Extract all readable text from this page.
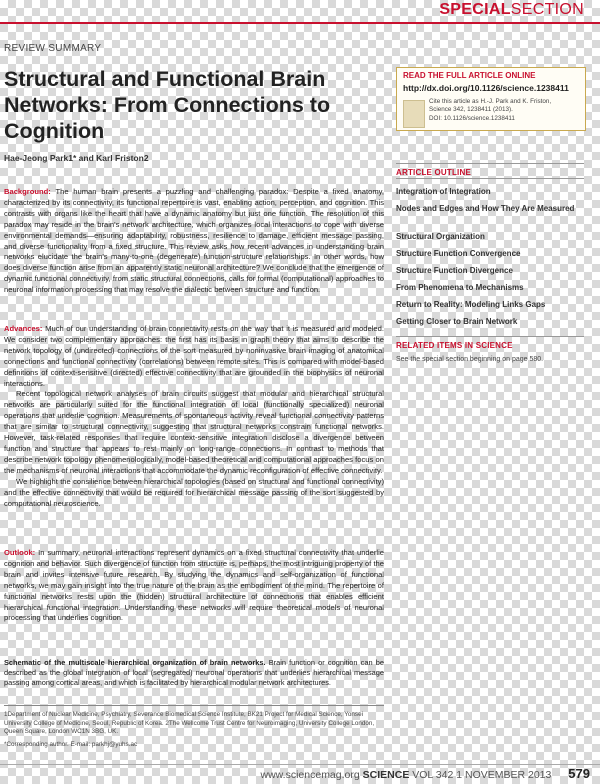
SPECIALSECTION
REVIEW SUMMARY
Structural and Functional Brain Networks: From Connections to Cognition
Hae-Jeong Park1* and Karl Friston2
Background: The human brain presents a puzzling and challenging paradox: Despite a fixed anatomy, characterized by its connectivity, its functional repertoire is vast, enabling action, perception, and cognition. This contrasts with organs like the heart that have a dynamic anatomy but just one function. The resolution of this paradox may reside in the brain's network architecture, which organizes local interactions to cope with diverse environmental demands—ensuring adaptability, robustness, resilience to damage, efficient message passing, and diverse functionality from a fixed structure. This review asks how recent advances in understanding brain networks elucidate the brain's many-to-one (degenerate) function-structure relationships. In other words, how does diverse function arise from an apparently static neuronal architecture? We conclude that the emergence of dynamic functional connectivity, from static structural connections, calls for formal (computational) approaches to neuronal information processing that may resolve the dialectic between structure and function.
Advances: Much of our understanding of brain connectivity rests on the way that it is measured and modeled. We consider two complementary approaches: the first has its basis in graph theory that aims to describe the network topology of (undirected) connections of the sort measured by noninvasive brain imaging of anatomical connections and functional connectivity (correlations) between remote sites. This is compared with model-based definitions of context-sensitive (directed) effective connectivity that are grounded in the biophysics of neuronal interactions.
Recent topological network analyses of brain circuits suggest that modular and hierarchical structural networks are particularly suited for the functional integration of local (functionally specialized) neuronal operations that underlie cognition. Measurements of spontaneous activity reveal functional connectivity patterns that are similar to structural connectivity, suggesting that structural networks constrain functional networks. However, task-related responses that require context-sensitive integration disclose a divergence between function and structure that appears to rest mainly on long-range connections. In contrast to methods that describe network topology phenomenologically, model-based theoretical and computational approaches focus on the mechanisms of neuronal interactions that accommodate the dynamic reconfiguration of effective connectivity.
We highlight the consilience between hierarchical topologies (based on structural and functional connectivity) and the effective connectivity that would be required for hierarchical message passing of the sort suggested by computational neuroscience.
Outlook: In summary, neuronal interactions represent dynamics on a fixed structural connectivity that underlie cognition and behavior. Such divergence of function from structure is, perhaps, the most intriguing property of the brain and invites intensive future research. By studying the dynamics and self-organization of functional networks, we may gain insight into the true nature of the brain as the embodiment of the mind. The repertoire of functional networks rests upon the (hidden) structural architecture of connections that enables efficient hierarchical functional integration. Understanding these networks will require theoretical models of neuronal processing that underlies cognition.
Schematic of the multiscale hierarchical organization of brain networks. Brain function or cognition can be described as the global integration of local (segregated) neuronal operations that underlies hierarchical message passing among cortical areas, and which is facilitated by hierarchical modular network architectures.
1Department of Nuclear Medicine, Psychiatry, Severance Biomedical Science Institute, BK21 Project for Medical Science, Yonsei University College of Medicine, Seoul, Republic of Korea. 2The Wellcome Trust Centre for Neuroimaging, University College London, Queen Square, London WC1N 3BG, UK.
*Corresponding author. E-mail: parkhj@yuhs.ac
READ THE FULL ARTICLE ONLINE
http://dx.doi.org/10.1126/science.1238411
Cite this article as H.-J. Park and K. Friston,
Science 342, 1238411 (2013).
DOI: 10.1126/science.1238411
ARTICLE OUTLINE
Integration of Integration
Nodes and Edges and How They Are Measured
Structural Organization
Structure Function Convergence
Structure Function Divergence
From Phenomena to Mechanisms
Return to Reality: Modeling Links Gaps
Getting Closer to Brain Network
RELATED ITEMS IN SCIENCE
See the special section beginning on page 580.
www.sciencemag.org SCIENCE VOL 342 1 NOVEMBER 2013 579
